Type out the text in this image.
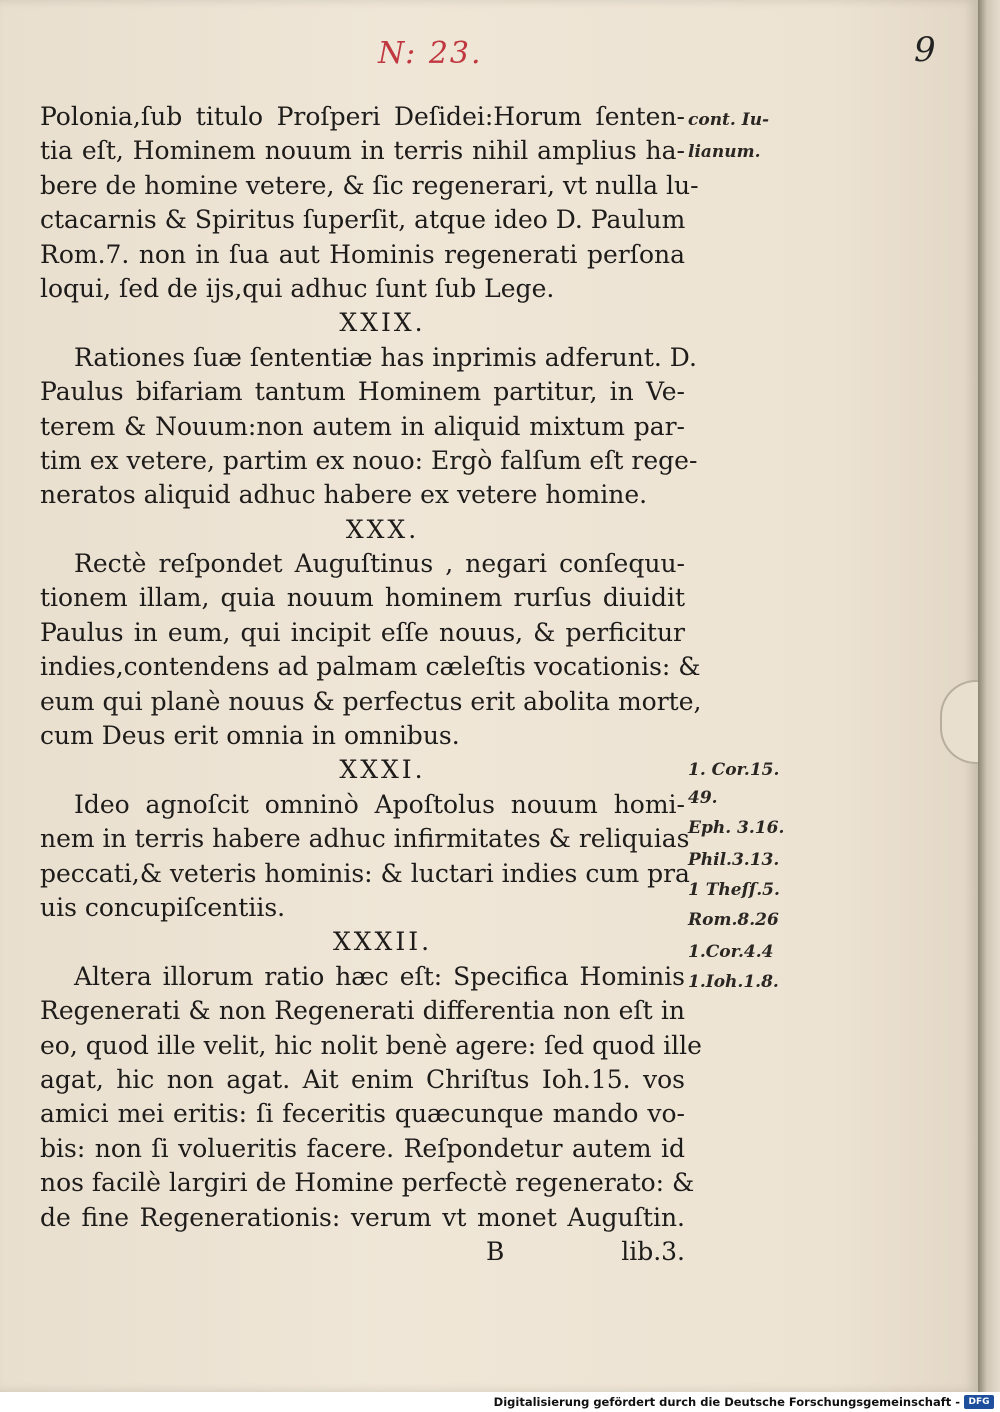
N: 23.	9
Polonia,ſub titulo Proſperi Deſidei:Horum ſenten-
tia eſt, Hominem nouum in terris nihil amplius ha-
bere de homine vetere, & ſic regenerari, vt nulla lu-
ctacarnis & Spiritus ſuperſit, atque ideo D. Paulum
Rom.7. non in ſua aut Hominis regenerati perſona
loqui, ſed de ijs,qui adhuc ſunt ſub Lege.
XXIX.
Rationes ſuæ ſententiæ has inprimis adferunt. D.
Paulus bifariam tantum Hominem partitur, in Ve-
terem & Nouum:non autem in aliquid mixtum par-
tim ex vetere, partim ex nouo: Ergò falſum eſt rege-
neratos aliquid adhuc habere ex vetere homine.
XXX.
Rectè reſpondet Auguſtinus , negari conſequu-
tionem illam, quia nouum hominem rurſus diuidit
Paulus in eum, qui incipit eſſe nouus, & perficitur
indies,contendens ad palmam cæleſtis vocationis: &
eum qui planè nouus & perfectus erit abolita morte,
cum Deus erit omnia in omnibus.
XXXI.
Ideo agnoſcit omninò Apoſtolus nouum homi-
nem in terris habere adhuc infirmitates & reliquias
peccati,& veteris hominis: & luctari indies cum pra
uis concupiſcentiis.
XXXII.
Altera illorum ratio hæc eſt: Specifica Hominis
Regenerati & non Regenerati differentia non eſt in
eo, quod ille velit, hic nolit benè agere: ſed quod ille
agat, hic non agat. Ait enim Chriſtus Ioh.15. vos
amici mei eritis: ſi feceritis quæcunque mando vo-
bis: non ſi volueritis facere. Reſpondetur autem id
nos facilè largiri de Homine perfectè regenerato: &
de fine Regenerationis: verum vt monet Auguſtin.
B	lib.3.
cont. Iu-
lianum.
1. Cor.15.
49.
Eph. 3.16.
Phil.3.13.
1 Theſſ.5.
Rom.8.26
1.Cor.4.4
1.Ioh.1.8.
Digitalisierung gefördert durch die Deutsche Forschungsgemeinschaft - DFG
